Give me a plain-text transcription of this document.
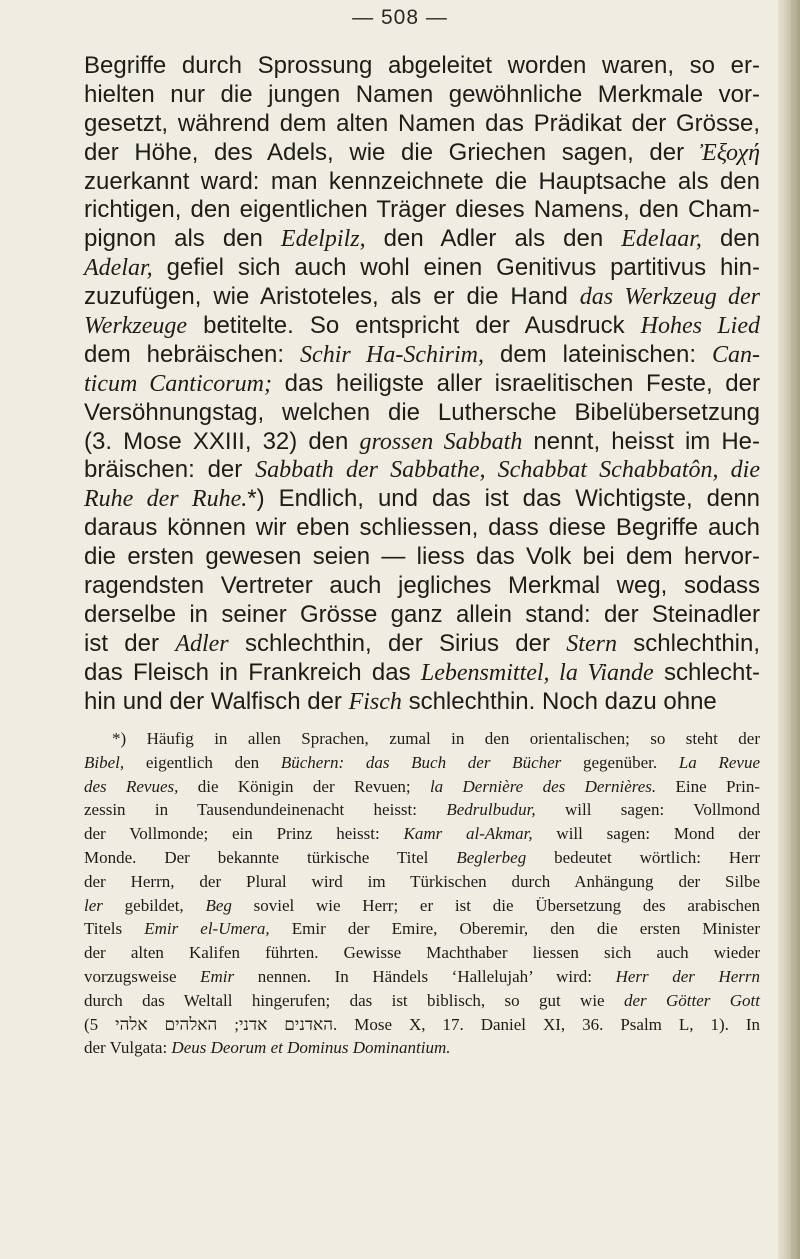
— 508 —
Begriffe durch Sprossung abgeleitet worden waren, so er-
hielten nur die jungen Namen gewöhnliche Merkmale vor-
gesetzt, während dem alten Namen das Prädikat der Grösse,
der Höhe, des Adels, wie die Griechen sagen, der Ἐξοχή
zuerkannt ward: man kennzeichnete die Hauptsache als den
richtigen, den eigentlichen Träger dieses Namens, den Cham-
pignon als den Edelpilz, den Adler als den Edelaar, den
Adelar, gefiel sich auch wohl einen Genitivus partitivus hin-
zuzufügen, wie Aristoteles, als er die Hand das Werkzeug der
Werkzeuge betitelte. So entspricht der Ausdruck Hohes Lied
dem hebräischen: Schir Ha-Schirim, dem lateinischen: Can-
ticum Canticorum; das heiligste aller israelitischen Feste, der
Versöhnungstag, welchen die Luthersche Bibelübersetzung
(3. Mose XXIII, 32) den grossen Sabbath nennt, heisst im He-
bräischen: der Sabbath der Sabbathe, Schabbat Schabbatôn, die
Ruhe der Ruhe.*) Endlich, und das ist das Wichtigste, denn
daraus können wir eben schliessen, dass diese Begriffe auch
die ersten gewesen seien — liess das Volk bei dem hervor-
ragendsten Vertreter auch jegliches Merkmal weg, sodass
derselbe in seiner Grösse ganz allein stand: der Steinadler
ist der Adler schlechthin, der Sirius der Stern schlechthin,
das Fleisch in Frankreich das Lebensmittel, la Viande schlecht-
hin und der Walfisch der Fisch schlechthin. Noch dazu ohne
*) Häufig in allen Sprachen, zumal in den orientalischen; so steht der
Bibel, eigentlich den Büchern: das Buch der Bücher gegenüber. La Revue
des Revues, die Königin der Revuen; la Dernière des Dernières. Eine Prin-
zessin in Tausendundeinenacht heisst: Bedrulbudur, will sagen: Vollmond
der Vollmonde; ein Prinz heisst: Kamr al-Akmar, will sagen: Mond der
Monde. Der bekannte türkische Titel Beglerbeg bedeutet wörtlich: Herr
der Herrn, der Plural wird im Türkischen durch Anhängung der Silbe
ler gebildet, Beg soviel wie Herr; er ist die Übersetzung des arabischen
Titels Emir el-Umera, Emir der Emire, Oberemir, den die ersten Minister
der alten Kalifen führten. Gewisse Machthaber liessen sich auch wieder
vorzugsweise Emir nennen. In Händels ‘Hallelujah’ wird: Herr der Herrn
durch das Weltall hingerufen; das ist biblisch, so gut wie der Götter Gott
(האדנים אדני; האלהים אלהי 5. Mose X, 17. Daniel XI, 36. Psalm L, 1). In
der Vulgata: Deus Deorum et Dominus Dominantium.
